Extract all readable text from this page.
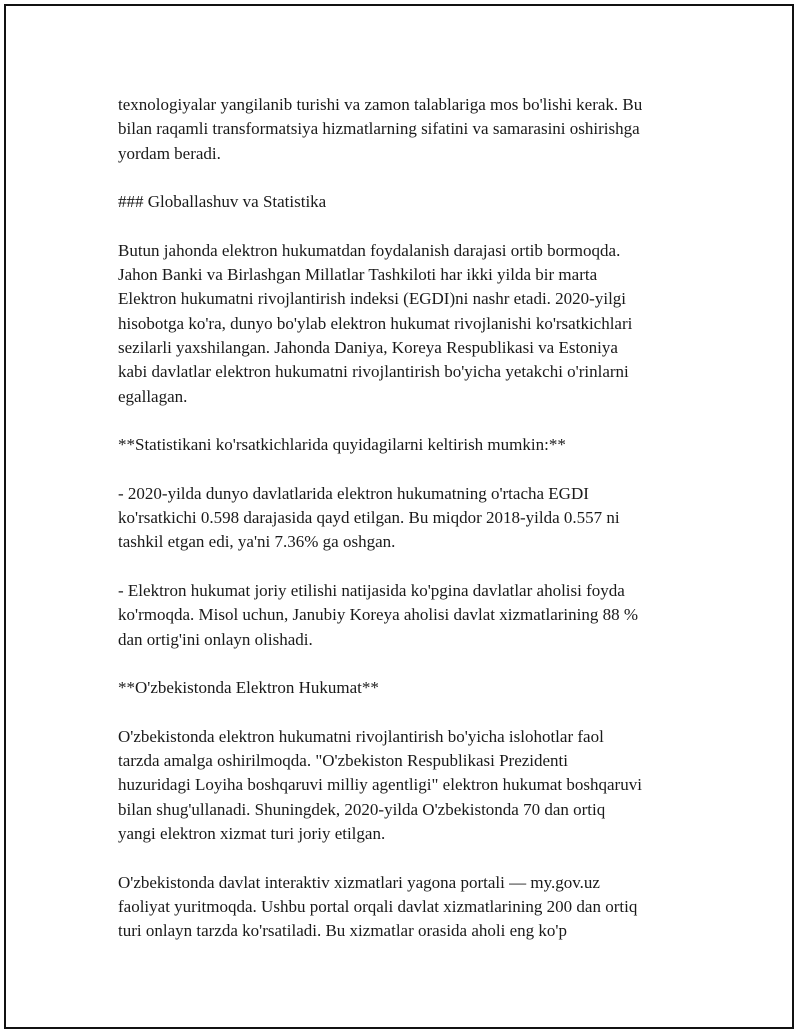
texnologiyalar yangilanib turishi va zamon talablariga mos bo'lishi kerak. Bu
bilan raqamli transformatsiya hizmatlarning sifatini va samarasini oshirishga
yordam beradi.

### Globallashuv va Statistika

Butun jahonda elektron hukumatdan foydalanish darajasi ortib bormoqda.
Jahon Banki va Birlashgan Millatlar Tashkiloti har ikki yilda bir marta
Elektron hukumatni rivojlantirish indeksi (EGDI)ni nashr etadi. 2020-yilgi
hisobotga ko'ra, dunyo bo'ylab elektron hukumat rivojlanishi ko'rsatkichlari
sezilarli yaxshilangan. Jahonda Daniya, Koreya Respublikasi va Estoniya
kabi davlatlar elektron hukumatni rivojlantirish bo'yicha yetakchi o'rinlarni
egallagan.

**Statistikani ko'rsatkichlarida quyidagilarni keltirish mumkin:**

- 2020-yilda dunyo davlatlarida elektron hukumatning o'rtacha EGDI
ko'rsatkichi 0.598 darajasida qayd etilgan. Bu miqdor 2018-yilda 0.557 ni
tashkil etgan edi, ya'ni 7.36% ga oshgan.

- Elektron hukumat joriy etilishi natijasida ko'pgina davlatlar aholisi foyda
ko'rmoqda. Misol uchun, Janubiy Koreya aholisi davlat xizmatlarining 88 %
dan ortig'ini onlayn olishadi.

**O'zbekistonda Elektron Hukumat**

O'zbekistonda elektron hukumatni rivojlantirish bo'yicha islohotlar faol
tarzda amalga oshirilmoqda. "O'zbekiston Respublikasi Prezidenti
huzuridagi Loyiha boshqaruvi milliy agentligi" elektron hukumat boshqaruvi
bilan shug'ullanadi. Shuningdek, 2020-yilda O'zbekistonda 70 dan ortiq
yangi elektron xizmat turi joriy etilgan.

O'zbekistonda davlat interaktiv xizmatlari yagona portali — my.gov.uz
faoliyat yuritmoqda. Ushbu portal orqali davlat xizmatlarining 200 dan ortiq
turi onlayn tarzda ko'rsatiladi. Bu xizmatlar orasida aholi eng ko'p
